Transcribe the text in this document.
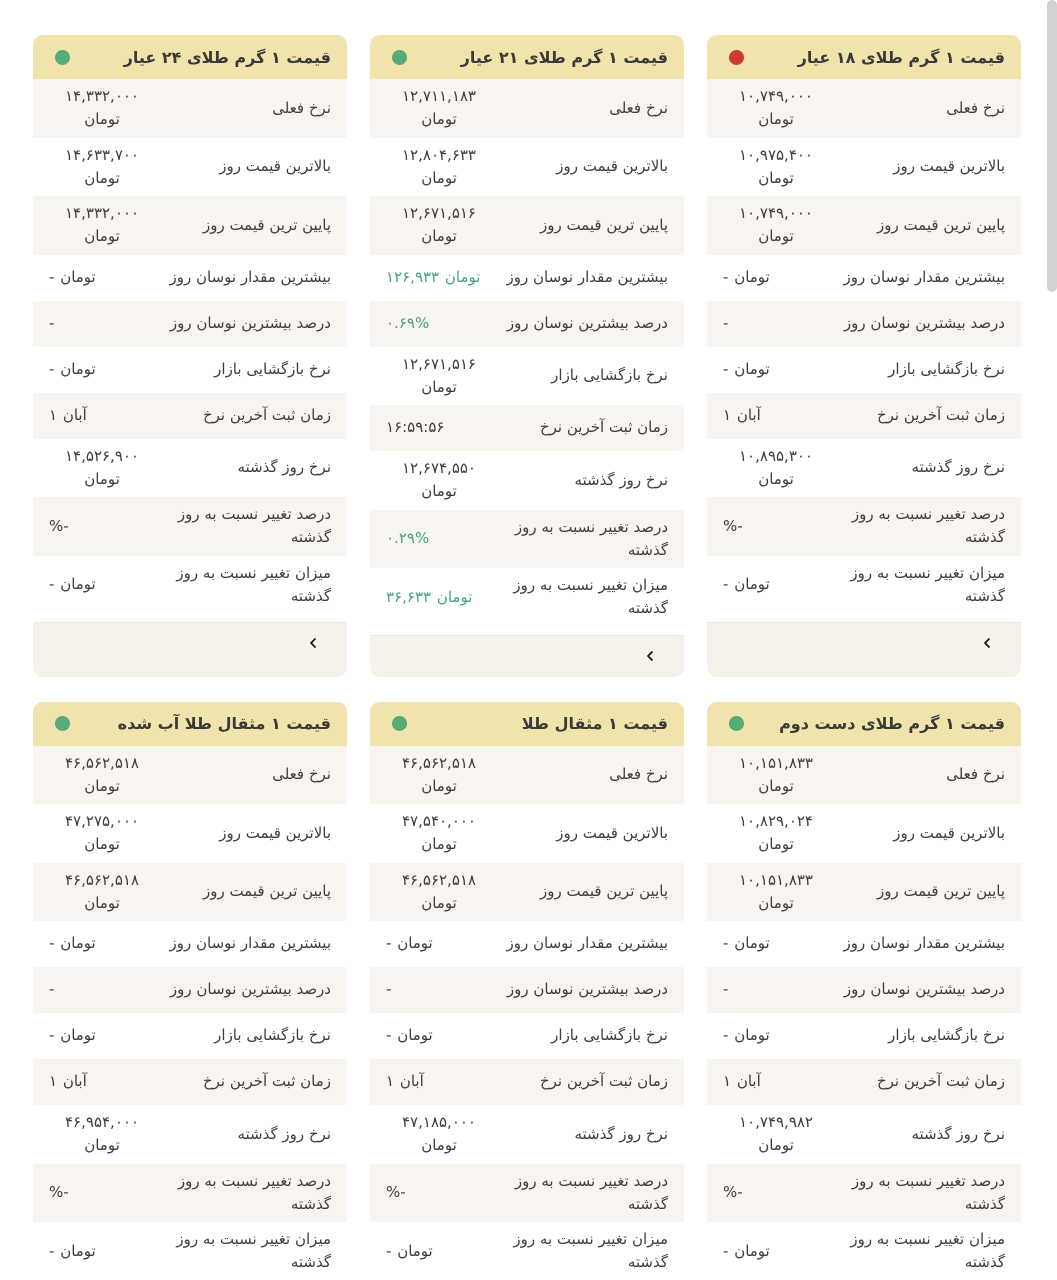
قیمت ۱ گرم طلای ۱۸ عیار
نرخ فعلی
۱۰,۷۴۹,۰۰۰ تومان
بالاترین قیمت روز
۱۰,۹۷۵,۴۰۰ تومان
پایین ترین قیمت روز
۱۰,۷۴۹,۰۰۰ تومان
بیشترین مقدار نوسان روز
- تومان
درصد بیشترین نوسان روز
-
نرخ بازگشایی بازار
- تومان
زمان ثبت آخرین نرخ
۱ آبان
نرخ روز گذشته
۱۰,۸۹۵,۳۰۰ تومان
درصد تغییر نسبت به روز گذشته
%-
میزان تغییر نسبت به روز گذشته
- تومان
قیمت ۱ گرم طلای ۲۱ عیار
نرخ فعلی
۱۲,۷۱۱,۱۸۳ تومان
بالاترین قیمت روز
۱۲,۸۰۴,۶۳۳ تومان
پایین ترین قیمت روز
۱۲,۶۷۱,۵۱۶ تومان
بیشترین مقدار نوسان روز
۱۲۶,۹۳۳ تومان
درصد بیشترین نوسان روز
۰.۶۹%
نرخ بازگشایی بازار
۱۲,۶۷۱,۵۱۶ تومان
زمان ثبت آخرین نرخ
۱۶:۵۹:۵۶
نرخ روز گذشته
۱۲,۶۷۴,۵۵۰ تومان
درصد تغییر نسبت به روز گذشته
۰.۲۹%
میزان تغییر نسبت به روز گذشته
۳۶,۶۳۳ تومان
قیمت ۱ گرم طلای ۲۴ عیار
نرخ فعلی
۱۴,۳۳۲,۰۰۰ تومان
بالاترین قیمت روز
۱۴,۶۳۳,۷۰۰ تومان
پایین ترین قیمت روز
۱۴,۳۳۲,۰۰۰ تومان
بیشترین مقدار نوسان روز
- تومان
درصد بیشترین نوسان روز
-
نرخ بازگشایی بازار
- تومان
زمان ثبت آخرین نرخ
۱ آبان
نرخ روز گذشته
۱۴,۵۲۶,۹۰۰ تومان
درصد تغییر نسبت به روز گذشته
%-
میزان تغییر نسبت به روز گذشته
- تومان
قیمت ۱ گرم طلای دست دوم
نرخ فعلی
۱۰,۱۵۱,۸۳۳ تومان
بالاترین قیمت روز
۱۰,۸۲۹,۰۲۴ تومان
پایین ترین قیمت روز
۱۰,۱۵۱,۸۳۳ تومان
بیشترین مقدار نوسان روز
- تومان
درصد بیشترین نوسان روز
-
نرخ بازگشایی بازار
- تومان
زمان ثبت آخرین نرخ
۱ آبان
نرخ روز گذشته
۱۰,۷۴۹,۹۸۲ تومان
درصد تغییر نسبت به روز گذشته
%-
میزان تغییر نسبت به روز گذشته
- تومان
قیمت ۱ مثقال طلا
نرخ فعلی
۴۶,۵۶۲,۵۱۸ تومان
بالاترین قیمت روز
۴۷,۵۴۰,۰۰۰ تومان
پایین ترین قیمت روز
۴۶,۵۶۲,۵۱۸ تومان
بیشترین مقدار نوسان روز
- تومان
درصد بیشترین نوسان روز
-
نرخ بازگشایی بازار
- تومان
زمان ثبت آخرین نرخ
۱ آبان
نرخ روز گذشته
۴۷,۱۸۵,۰۰۰ تومان
درصد تغییر نسبت به روز گذشته
%-
میزان تغییر نسبت به روز گذشته
- تومان
قیمت ۱ مثقال طلا آب شده
نرخ فعلی
۴۶,۵۶۲,۵۱۸ تومان
بالاترین قیمت روز
۴۷,۲۷۵,۰۰۰ تومان
پایین ترین قیمت روز
۴۶,۵۶۲,۵۱۸ تومان
بیشترین مقدار نوسان روز
- تومان
درصد بیشترین نوسان روز
-
نرخ بازگشایی بازار
- تومان
زمان ثبت آخرین نرخ
۱ آبان
نرخ روز گذشته
۴۶,۹۵۴,۰۰۰ تومان
درصد تغییر نسبت به روز گذشته
%-
میزان تغییر نسبت به روز گذشته
- تومان
